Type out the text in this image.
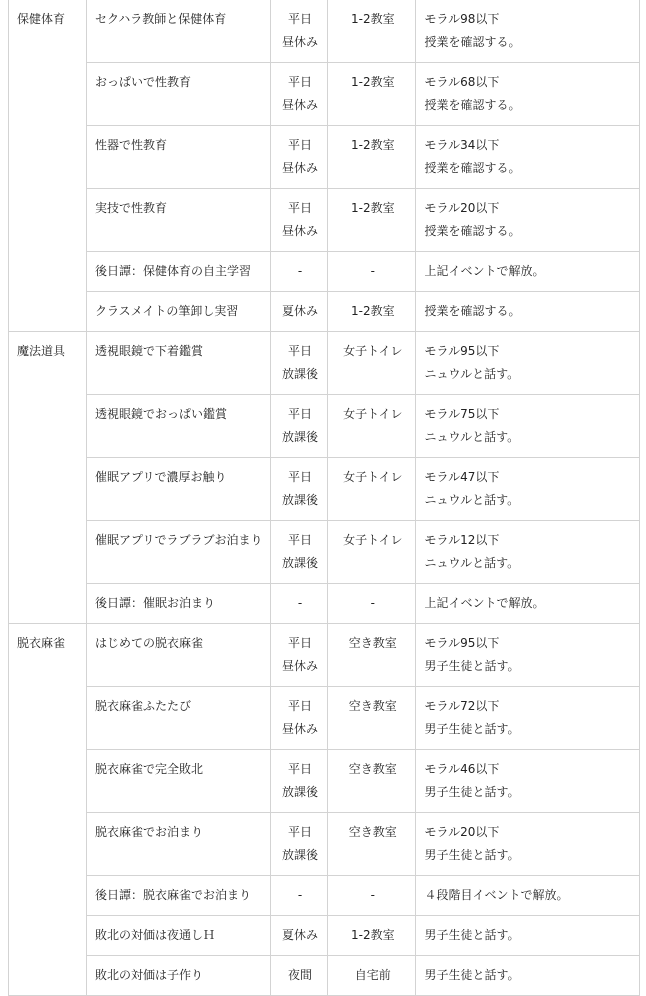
保健体育	セクハラ教師と保健体育	平日
昼休み	1-2教室	モラル98以下
授業を確認する。

	おっぱいで性教育	平日
昼休み	1-2教室	モラル68以下
授業を確認する。

	性器で性教育	平日
昼休み	1-2教室	モラル34以下
授業を確認する。

	実技で性教育	平日
昼休み	1-2教室	モラル20以下
授業を確認する。

	後日譚：保健体育の自主学習	-	-	上記イベントで解放。

	クラスメイトの筆卸し実習	夏休み	1-2教室	授業を確認する。

魔法道具	透視眼鏡で下着鑑賞	平日
放課後	女子トイレ	モラル95以下
ニュウルと話す。

	透視眼鏡でおっぱい鑑賞	平日
放課後	女子トイレ	モラル75以下
ニュウルと話す。

	催眠アプリで濃厚お触り	平日
放課後	女子トイレ	モラル47以下
ニュウルと話す。

	催眠アプリでラブラブお泊まり	平日
放課後	女子トイレ	モラル12以下
ニュウルと話す。

	後日譚：催眠お泊まり	-	-	上記イベントで解放。

脱衣麻雀	はじめての脱衣麻雀	平日
昼休み	空き教室	モラル95以下
男子生徒と話す。

	脱衣麻雀ふたたび	平日
昼休み	空き教室	モラル72以下
男子生徒と話す。

	脱衣麻雀で完全敗北	平日
放課後	空き教室	モラル46以下
男子生徒と話す。

	脱衣麻雀でお泊まり	平日
放課後	空き教室	モラル20以下
男子生徒と話す。

	後日譚：脱衣麻雀でお泊まり	-	-	４段階目イベントで解放。

	敗北の対価は夜通しＨ	夏休み	1-2教室	男子生徒と話す。

	敗北の対価は子作り	夜間	自宅前	男子生徒と話す。
